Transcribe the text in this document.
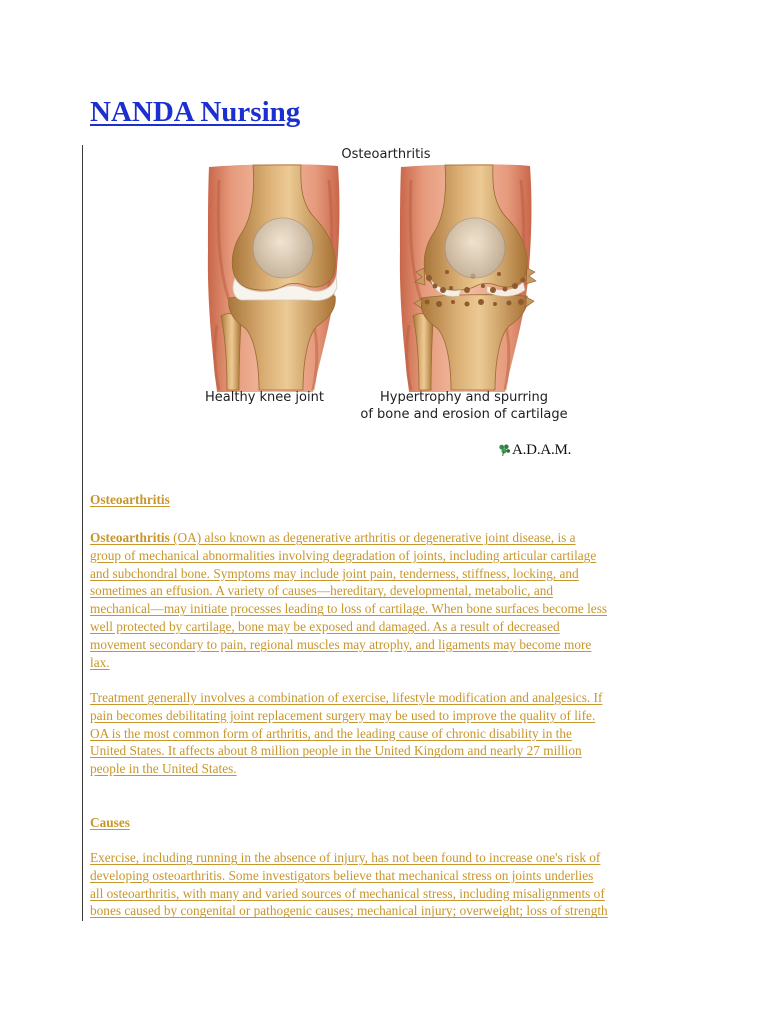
NANDA Nursing
Osteoarthritis
Healthy knee joint	Hypertrophy and spurring
of bone and erosion of cartilage
A.D.A.M.
Osteoarthritis
Osteoarthritis (OA) also known as degenerative arthritis or degenerative joint disease, is a
group of mechanical abnormalities involving degradation of joints, including articular cartilage
and subchondral bone. Symptoms may include joint pain, tenderness, stiffness, locking, and
sometimes an effusion. A variety of causes—hereditary, developmental, metabolic, and
mechanical—may initiate processes leading to loss of cartilage. When bone surfaces become less
well protected by cartilage, bone may be exposed and damaged. As a result of decreased
movement secondary to pain, regional muscles may atrophy, and ligaments may become more
lax.
Treatment generally involves a combination of exercise, lifestyle modification and analgesics. If
pain becomes debilitating joint replacement surgery may be used to improve the quality of life.
OA is the most common form of arthritis, and the leading cause of chronic disability in the
United States. It affects about 8 million people in the United Kingdom and nearly 27 million
people in the United States.
Causes
Exercise, including running in the absence of injury, has not been found to increase one's risk of
developing osteoarthritis. Some investigators believe that mechanical stress on joints underlies
all osteoarthritis, with many and varied sources of mechanical stress, including misalignments of
bones caused by congenital or pathogenic causes; mechanical injury; overweight; loss of strength
